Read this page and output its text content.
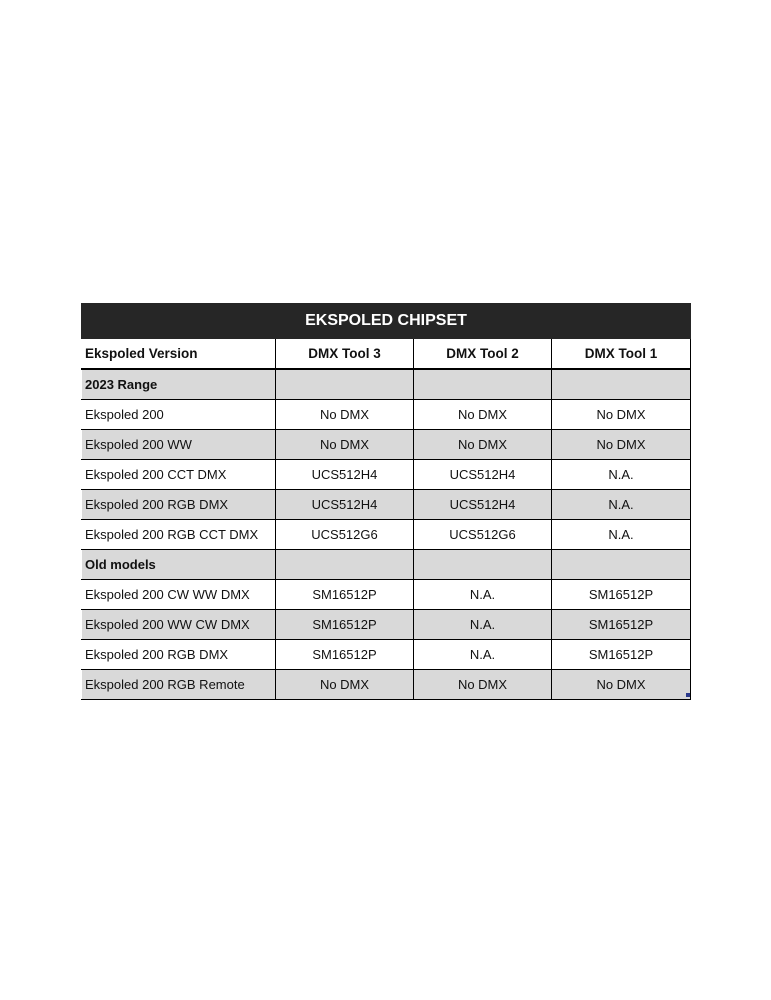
EKSPOLED CHIPSET			
Ekspoled Version	DMX Tool 3	DMX Tool 2	DMX Tool 1
2023 Range			
Ekspoled 200	No DMX	No DMX	No DMX
Ekspoled 200 WW	No DMX	No DMX	No DMX
Ekspoled 200 CCT DMX	UCS512H4	UCS512H4	N.A.
Ekspoled 200 RGB DMX	UCS512H4	UCS512H4	N.A.
Ekspoled 200 RGB CCT DMX	UCS512G6	UCS512G6	N.A.
Old models			
Ekspoled 200 CW WW DMX	SM16512P	N.A.	SM16512P
Ekspoled 200 WW CW DMX	SM16512P	N.A.	SM16512P
Ekspoled 200 RGB DMX	SM16512P	N.A.	SM16512P
Ekspoled 200 RGB Remote	No DMX	No DMX	No DMX
